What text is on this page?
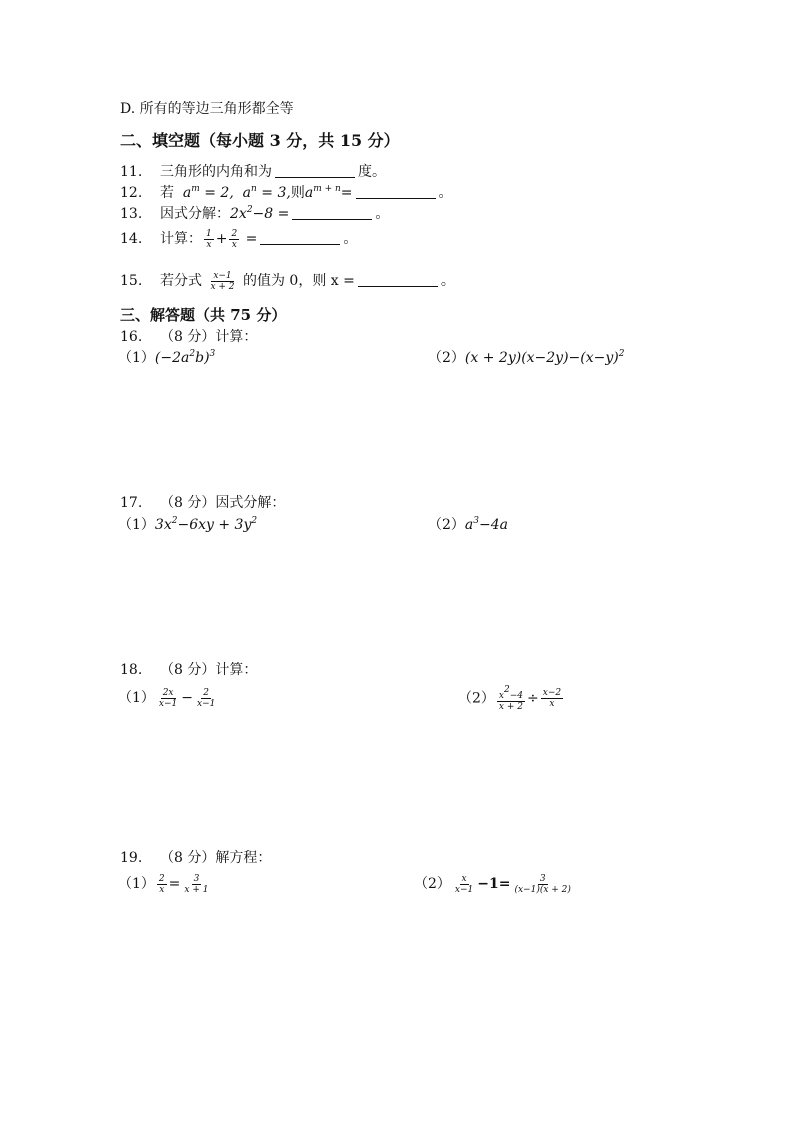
D. 所有的等边三角形都全等
二、填空题（每小题 3 分，共 15 分）
11. 三角形的内角和为	度。
12. 若  $a^m = 2$,  $a^n = 3$,则$a^{m + n}=$	。
13. 因式分解：$2x^2-8$ =	。
14. 计算： $\frac{1}{x} + \frac{2}{x}$ =	。
15. 若分式 $\frac{x-1}{x + 2}$ 的值为 0，则 x =	。
三、解答题（共 75 分）
16. （8 分）计算：
$(1)(-2a^2b)^3$	$(2)(x + 2y)(x-2y)-(x-y)^2$
17. （8 分）因式分解：
$(1)3x^2-6xy + 3y^2$	$(2)a^3-4a$
18. （8 分）计算：
$(1) \frac{2x}{x-1} - \frac{2}{x-1}$	$(2) \frac{x^2-4}{x + 2} \div \frac{x-2}{x}$
19. （8 分）解方程：
$(1) \frac{2}{x} = \frac{3}{x + 1}$	$(2) \frac{x}{x-1} -1= \frac{3}{(x-1)(x + 2)}$
